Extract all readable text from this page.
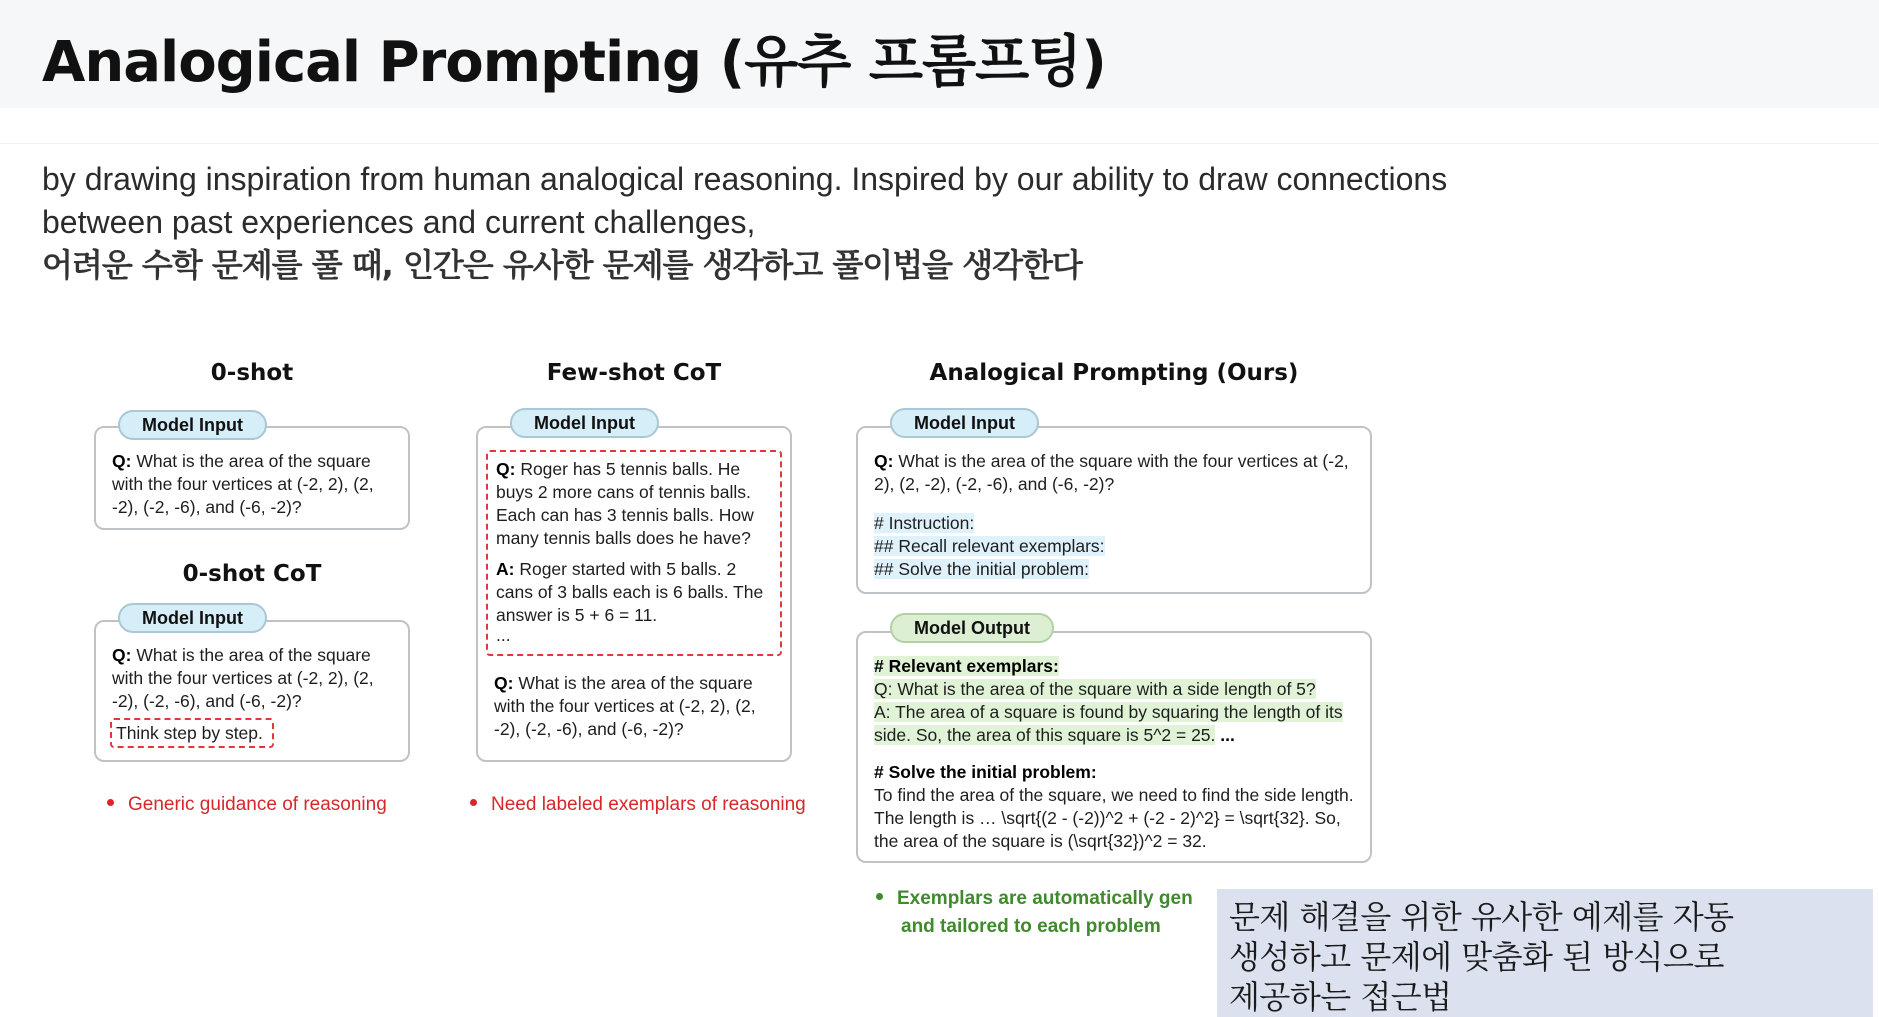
Analogical Prompting (유추 프롬프팅)
by drawing inspiration from human analogical reasoning. Inspired by our ability to draw connections
between past experiences and current challenges,
어려운 수학 문제를 풀 때, 인간은 유사한 문제를 생각하고 풀이법을 생각한다
0-shot
Q: What is the area of the square with the four vertices at (-2, 2), (2, -2), (-2, -6), and (-6, -2)?
Model Input
0-shot CoT
Q: What is the area of the square with the four vertices at (-2, 2), (2, -2), (-2, -6), and (-6, -2)?
Think step by step.
Model Input
Generic guidance of reasoning
Few-shot CoT
Q: Roger has 5 tennis balls. He buys 2 more cans of tennis balls. Each can has 3 tennis balls. How many tennis balls does he have?
A: Roger started with 5 balls. 2 cans of 3 balls each is 6 balls. The answer is 5 + 6 = 11.
...
Q: What is the area of the square with the four vertices at (-2, 2), (2, -2), (-2, -6), and (-6, -2)?
Model Input
Need labeled exemplars of reasoning
Analogical Prompting (Ours)
Q: What is the area of the square with the four vertices at (-2, 2), (2, -2), (-2, -6), and (-6, -2)?
# Instruction:
## Recall relevant exemplars:
## Solve the initial problem:
Model Input
# Relevant exemplars:
Q: What is the area of the square with a side length of 5?
A: The area of a square is found by squaring the length of its side. So, the area of this square is 5^2 = 25. ...
# Solve the initial problem:
To find the area of the square, we need to find the side length. The length is … \sqrt{(2 - (-2))^2 + (-2 - 2)^2} = \sqrt{32}. So, the area of the square is (\sqrt{32})^2 = 32.
Model Output
Exemplars are automatically gen
and tailored to each problem	문제 해결을 위한 유사한 예제를 자동
생성하고 문제에 맞춤화 된 방식으로
제공하는 접근법
